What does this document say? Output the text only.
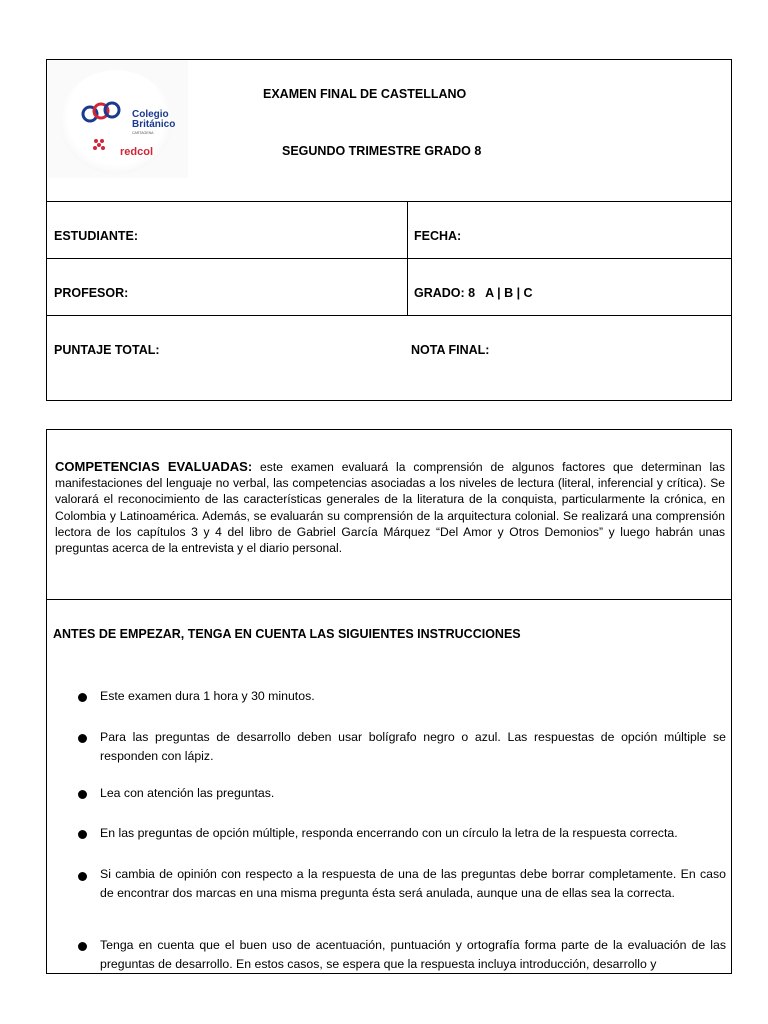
Colegio
Británico
CARTAGENA
redcol
EXAMEN FINAL DE CASTELLANO
SEGUNDO TRIMESTRE GRADO 8
ESTUDIANTE:	FECHA:
PROFESOR:	GRADO: 8   A | B | C
PUNTAJE TOTAL:	NOTA FINAL:
COMPETENCIAS EVALUADAS: este examen evaluará la comprensión de algunos factores que determinan las manifestaciones del lenguaje no verbal, las competencias asociadas a los niveles de lectura (literal, inferencial y crítica). Se valorará el reconocimiento de las características generales de la literatura de la conquista, particularmente la crónica, en Colombia y Latinoamérica. Además, se evaluarán su comprensión de la arquitectura colonial. Se realizará una comprensión lectora de los capítulos 3 y 4 del libro de Gabriel García Márquez “Del Amor y Otros Demonios” y luego habrán unas preguntas acerca de la entrevista y el diario personal.
ANTES DE EMPEZAR, TENGA EN CUENTA LAS SIGUIENTES INSTRUCCIONES
Este examen dura 1 hora y 30 minutos.
Para las preguntas de desarrollo deben usar bolígrafo negro o azul. Las respuestas de opción múltiple se responden con lápiz.
Lea con atención las preguntas.
En las preguntas de opción múltiple, responda encerrando con un círculo la letra de la respuesta correcta.
Si cambia de opinión con respecto a la respuesta de una de las preguntas debe borrar completamente. En caso de encontrar dos marcas en una misma pregunta ésta será anulada, aunque una de ellas sea la correcta.
Tenga en cuenta que el buen uso de acentuación, puntuación y ortografía forma parte de la evaluación de las preguntas de desarrollo. En estos casos, se espera que la respuesta incluya introducción, desarrollo y
